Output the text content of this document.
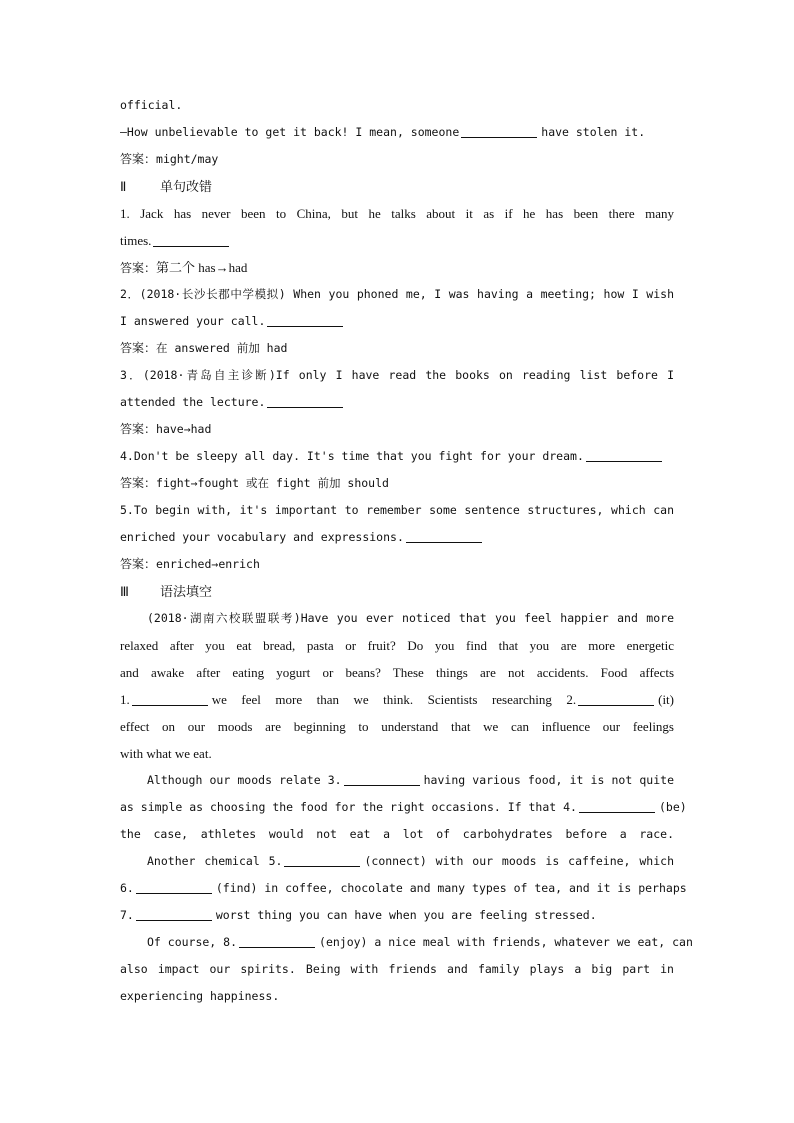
official.
—How unbelievable to get it back! I mean, someone	have stolen it.
答案：might/may
Ⅱ	单句改错
1. Jack has never been to China, but he talks about it as if he has been there many
times.
答案：第二个 has→had
2．(2018·长沙长郡中学模拟) When you phoned me, I was having a meeting; how I wish
I answered your call.
答案：在 answered 前加 had
3．(2018·青岛自主诊断)If only I have read the books on reading list before I
attended the lecture.
答案：have→had
4.Don't be sleepy all day. It's time that you fight for your dream.
答案：fight→fought 或在 fight 前加 should
5.To begin with, it's important to remember some sentence structures, which can
enriched your vocabulary and expressions.
答案：enriched→enrich
Ⅲ 语法填空
(2018·湖南六校联盟联考)Have you ever noticed that you feel happier and more
relaxed after you eat bread, pasta or fruit? Do you find that you are more energetic
and awake after eating yogurt or beans? These things are not accidents. Food affects
1.	we feel more than we think. Scientists researching 2.	(it)
effect on our moods are beginning to understand that we can influence our feelings
with what we eat.
Although our moods relate 3.	having various food, it is not quite
as simple as choosing the food for the right occasions. If that 4.	(be)
the case, athletes would not eat a lot of carbohydrates before a race.
Another chemical 5.	(connect) with our moods is caffeine, which
6.	(find) in coffee, chocolate and many types of tea, and it is perhaps
7.	worst thing you can have when you are feeling stressed.
Of course, 8.	(enjoy) a nice meal with friends, whatever we eat, can
also impact our spirits. Being with friends and family plays a big part in
experiencing happiness.
